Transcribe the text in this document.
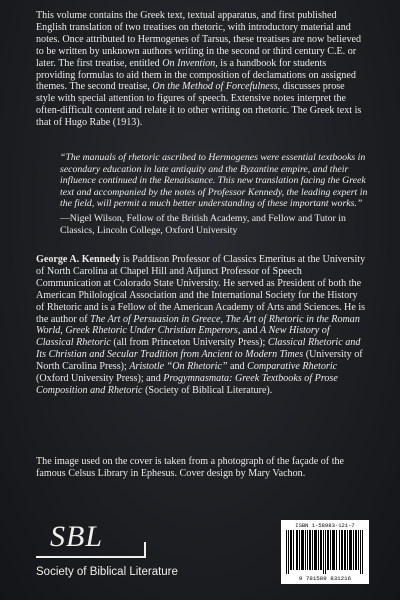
This volume contains the Greek text, textual apparatus, and first published English translation of two treatises on rhetoric, with introductory material and notes. Once attributed to Hermogenes of Tarsus, these treatises are now believed to be written by unknown authors writing in the second or third century C.E. or later. The first treatise, entitled On Invention, is a handbook for students providing formulas to aid them in the composition of declamations on assigned themes. The second treatise, On the Method of Forcefulness, discusses prose style with special attention to figures of speech. Extensive notes interpret the often-difficult content and relate it to other writing on rhetoric. The Greek text is that of Hugo Rabe (1913).

“The manuals of rhetoric ascribed to Hermogenes were essential textbooks in secondary education in late antiquity and the Byzantine empire, and their influence continued in the Renaissance. This new translation facing the Greek text and accompanied by the notes of Professor Kennedy, the leading expert in the field, will permit a much better understanding of these important works.”

—Nigel Wilson, Fellow of the British Academy, and Fellow and Tutor in Classics, Lincoln College, Oxford University

George A. Kennedy is Paddison Professor of Classics Emeritus at the University of North Carolina at Chapel Hill and Adjunct Professor of Speech Communication at Colorado State University. He served as President of both the American Philological Association and the International Society for the History of Rhetoric and is a Fellow of the American Academy of Arts and Sciences. He is the author of The Art of Persuasion in Greece, The Art of Rhetoric in the Roman World, Greek Rhetoric Under Christian Emperors, and A New History of Classical Rhetoric (all from Princeton University Press); Classical Rhetoric and Its Christian and Secular Tradition from Ancient to Modern Times (University of North Carolina Press); Aristotle “On Rhetoric” and Comparative Rhetoric (Oxford University Press); and Progymnasmata: Greek Textbooks of Prose Composition and Rhetoric (Society of Biblical Literature).

The image used on the cover is taken from a photograph of the façade of the famous Celsus Library in Ephesus. Cover design by Mary Vachon.

SBL
Society of Biblical Literature
ISBN 1-58983-121-7
9 781589 831216
